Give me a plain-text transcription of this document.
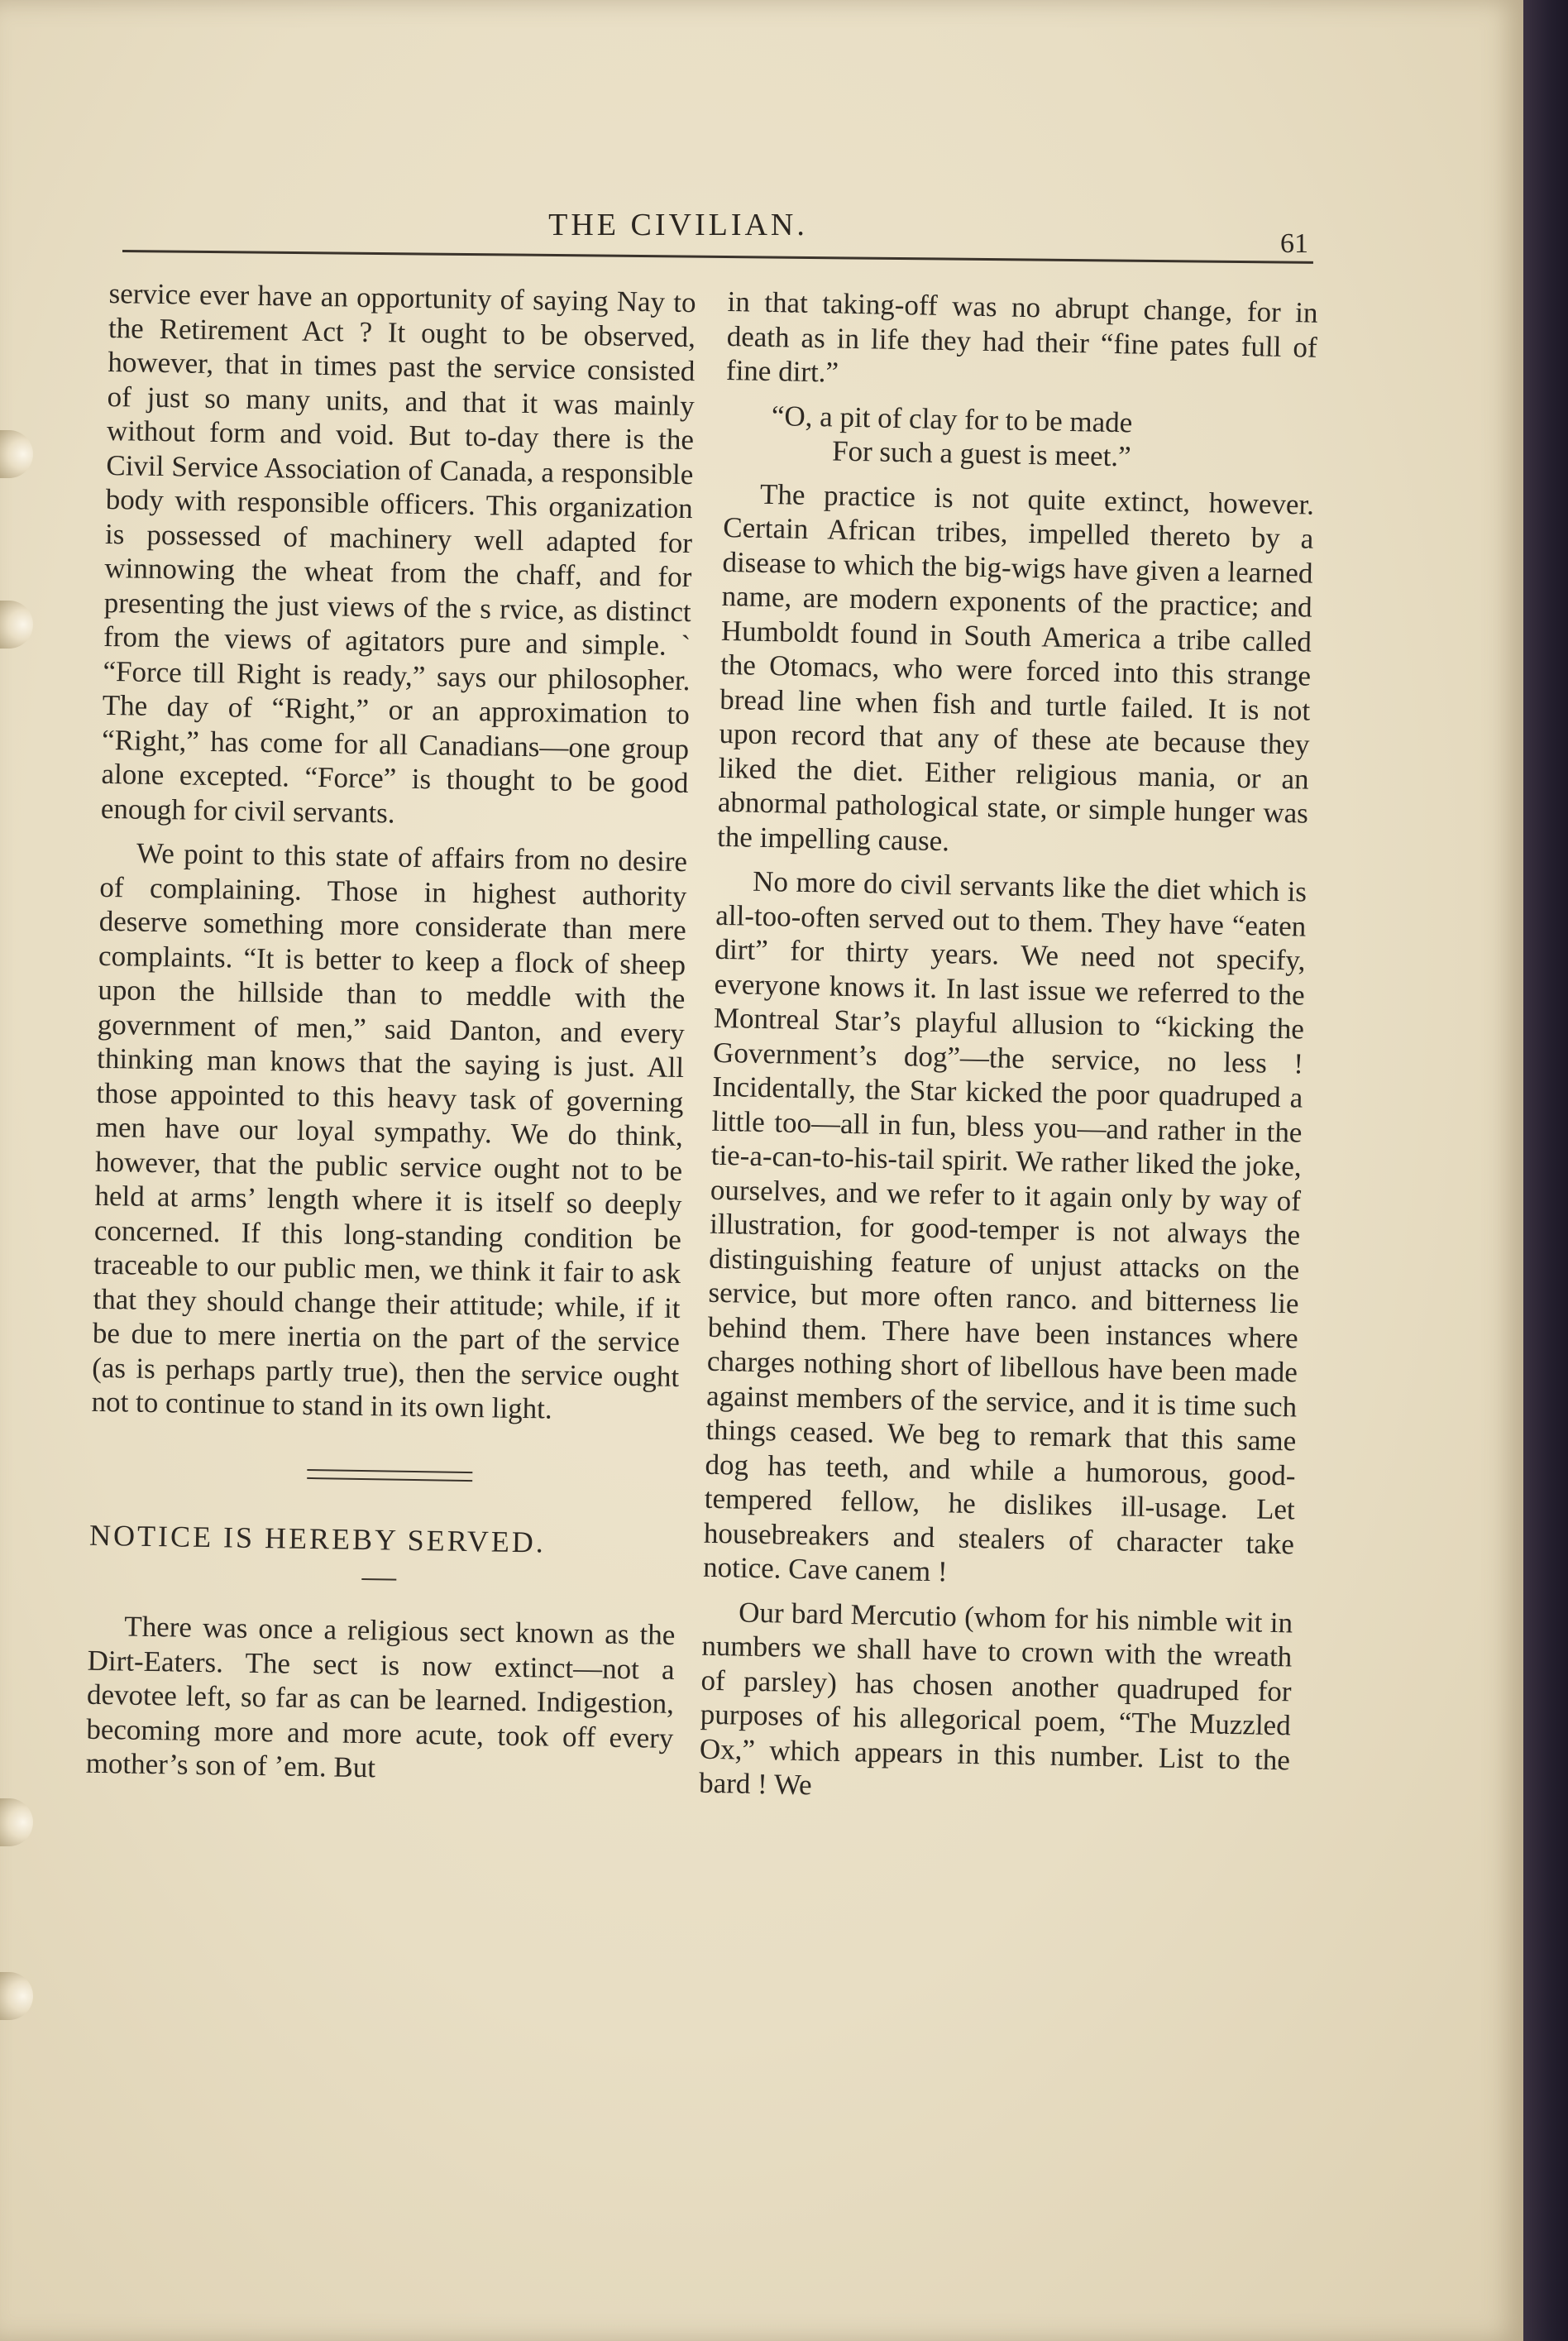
THE CIVILIAN.
61

service ever have an opportunity of saying Nay to the Retirement Act ? It ought to be observed, however, that in times past the service consisted of just so many units, and that it was mainly without form and void. But to-day there is the Civil Service Association of Canada, a responsible body with responsible officers. This organization is possessed of machinery well adapted for winnowing the wheat from the chaff, and for presenting the just views of the s rvice, as distinct from the views of agitators pure and simple. ` “Force till Right is ready,” says our philosopher. The day of “Right,” or an approximation to “Right,” has come for all Canadians—one group alone excepted. “Force” is thought to be good enough for civil servants.

We point to this state of affairs from no desire of complaining. Those in highest authority deserve something more considerate than mere complaints. “It is better to keep a flock of sheep upon the hillside than to meddle with the government of men,” said Danton, and every thinking man knows that the saying is just. All those appointed to this heavy task of governing men have our loyal sympathy. We do think, however, that the public service ought not to be held at arms’ length where it is itself so deeply concerned. If this long-standing condition be traceable to our public men, we think it fair to ask that they should change their attitude; while, if it be due to mere inertia on the part of the service (as is perhaps partly true), then the service ought not to continue to stand in its own light.

NOTICE IS HEREBY SERVED.

There was once a religious sect known as the Dirt-Eaters. The sect is now extinct—not a devotee left, so far as can be learned. Indigestion, becoming more and more acute, took off every mother’s son of ’em. But

in that taking-off was no abrupt change, for in death as in life they had their “fine pates full of fine dirt.”

“O, a pit of clay for to be made

For such a guest is meet.”

The practice is not quite extinct, however. Certain African tribes, impelled thereto by a disease to which the big-wigs have given a learned name, are modern exponents of the practice; and Humboldt found in South America a tribe called the Otomacs, who were forced into this strange bread line when fish and turtle failed. It is not upon record that any of these ate because they liked the diet. Either religious mania, or an abnormal pathological state, or simple hunger was the impelling cause.

No more do civil servants like the diet which is all-too-often served out to them. They have “eaten dirt” for thirty years. We need not specify, everyone knows it. In last issue we referred to the Montreal Star’s playful allusion to “kicking the Government’s dog”—the service, no less ! Incidentally, the Star kicked the poor quadruped a little too—all in fun, bless you—and rather in the tie-a-can-to-his-tail spirit. We rather liked the joke, ourselves, and we refer to it again only by way of illustration, for good-temper is not always the distinguishing feature of unjust attacks on the service, but more often ranco. and bitterness lie behind them. There have been instances where charges nothing short of libellous have been made against members of the service, and it is time such things ceased. We beg to remark that this same dog has teeth, and while a humorous, good-tempered fellow, he dislikes ill-usage. Let housebreakers and stealers of character take notice. Cave canem !

Our bard Mercutio (whom for his nimble wit in numbers we shall have to crown with the wreath of parsley) has chosen another quadruped for purposes of his allegorical poem, “The Muzzled Ox,” which appears in this number. List to the bard ! We
